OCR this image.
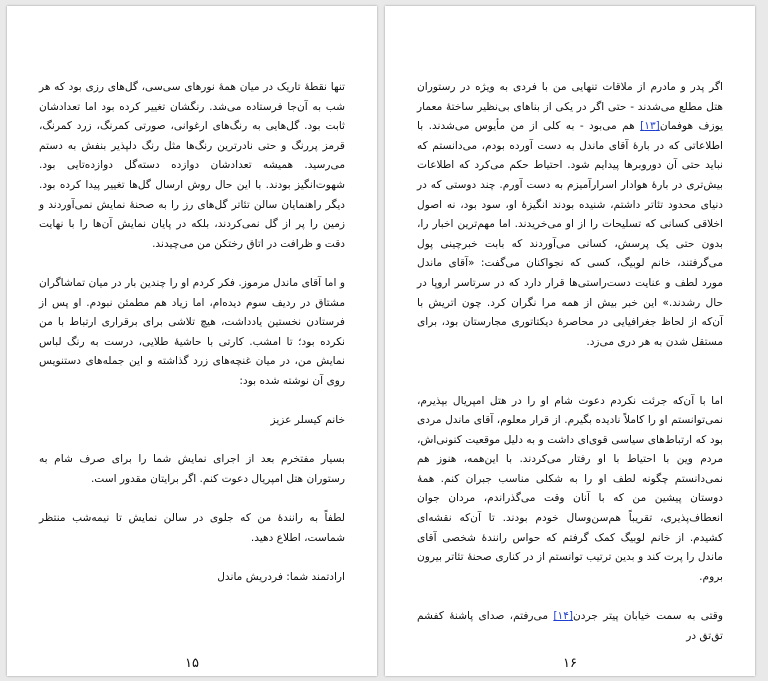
تنها نقطهٔ تاریک در میان همهٔ نورهای سی‌سی، گل‌های رزی بود که هر شب به آن‌جا فرستاده می‌شد. رنگشان تغییر کرده بود اما تعدادشان ثابت بود. گل‌هایی به رنگ‌های ارغوانی، صورتی کمرنگ، زرد کمرنگ، قرمز پررنگ و حتی نادرترین رنگ‌ها مثل رنگ دلپذیر بنفش به دستم می‌رسید. همیشه تعدادشان دوازده دسته‌گل دوازده‌تایی بود. شهوت‌انگیز بودند. با این حال روش ارسال گل‌ها تغییر پیدا کرده بود. دیگر راهنمایان سالن تئاتر گل‌های رز را به صحنهٔ نمایش نمی‌آوردند و زمین را پر از گل نمی‌کردند، بلکه در پایان نمایش آن‌ها را با نهایت دقت و ظرافت در اتاق رختکن من می‌چیدند.

و اما آقای ماندل مرموز. فکر کردم او را چندین بار در میان تماشاگران مشتاق در ردیف سوم دیده‌ام، اما زیاد هم مطمئن نبودم. او پس از فرستادن نخستین یادداشت، هیچ تلاشی برای برقراری ارتباط با من نکرده بود؛ تا امشب. کارتی با حاشیهٔ طلایی، درست به رنگ لباس نمایش من، در میان غنچه‌های زرد گذاشته و این جمله‌های دستنویس روی آن نوشته شده بود:

خانم کیسلر عزیز

بسیار مفتخرم بعد از اجرای نمایش شما را برای صرف شام به رستوران هتل امپریال دعوت کنم. اگر برایتان مقدور است.

لطفاً به راننده‌ٔ من که جلوی در سالن نمایش تا نیمه‌شب منتظر شماست، اطلاع دهید.

ارادتمند شما: فردریش ماندل

۱۵

اگر پدر و مادرم از ملاقات تنهایی من با فردی به ویژه در رستوران هتل مطلع می‌شدند - حتی اگر در یکی از بناهای بی‌نظیر ساختهٔ معمار یوزف هوفمان[۱۳] هم می‌بود - به کلی از من مأیوس می‌شدند. با اطلاعاتی که در بارهٔ آقای ماندل به دست آورده بودم، می‌دانستم که نباید حتی آن دوروبرها پیدایم شود. احتیاط حکم می‌کرد که اطلاعات بیش‌تری در بارهٔ هوادار اسرارآمیزم به دست آورم. چند دوستی که در دنیای محدود تئاتر داشتم، شنیده بودند انگیزهٔ او، سود بود، نه اصول اخلاقی کسانی که تسلیحات را از او می‌خریدند. اما مهم‌ترین اخبار را، بدون حتی یک پرسش، کسانی می‌آوردند که بابت خبرچینی پول می‌گرفتند، خانم لوبیگ، کسی که نجواکنان می‌گفت: «آقای ماندل مورد لطف و عنایت دست‌راستی‌ها قرار دارد که در سرتاسر اروپا در حال رشدند.» این خبر بیش از همه مرا نگران کرد. چون اتریش با آن‌که از لحاظ جغرافیایی در محاصرهٔ دیکتاتوری مجارستان بود، برای مستقل شدن به هر دری می‌زد.

اما با آن‌که جرئت نکردم دعوت شام او را در هتل امپریال بپذیرم، نمی‌توانستم او را کاملاً نادیده بگیرم. از قرار معلوم، آقای ماندل مردی بود که ارتباط‌های سیاسی قوی‌ای داشت و به دلیل موقعیت کنونی‌اش، مردم وین با احتیاط با او رفتار می‌کردند. با این‌همه، هنوز هم نمی‌دانستم چگونه لطف او را به شکلی مناسب جبران کنم. همهٔ دوستان پیشین من که با آنان وقت می‌گذراندم، مردان جوان انعطاف‌پذیری، تقریباً هم‌سن‌وسال خودم بودند. تا آن‌که نقشه‌ای کشیدم. از خانم لوبیگ کمک گرفتم که حواس رانندهٔ شخصی آقای ماندل را پرت کند و بدین ترتیب توانستم از در کناری صحنهٔ تئاتر بیرون بروم.

وقتی به سمت خیابان پیتر جردن[۱۴] می‌رفتم، صدای پاشنهٔ کفشم تق‌تق در

۱۶
